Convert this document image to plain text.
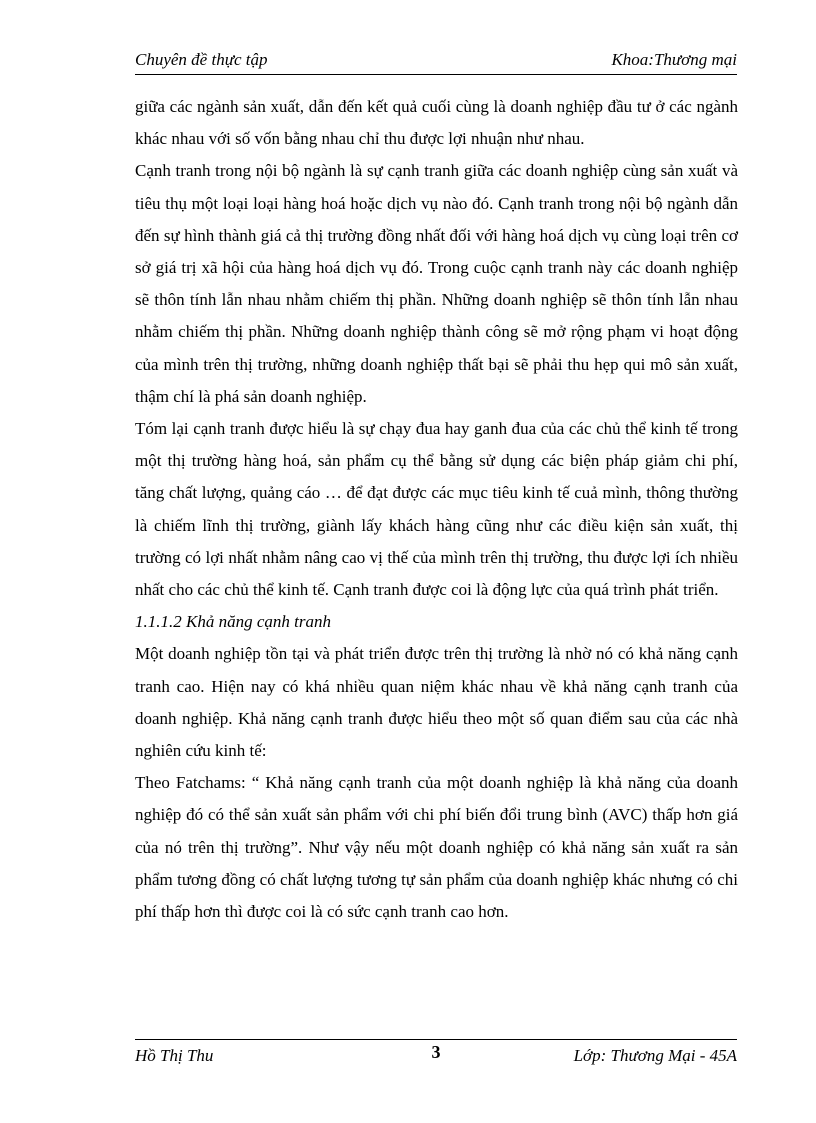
Chuyên đề thực tập	Khoa:Thương mại

giữa các ngành sản xuất, dẫn đến kết quả cuối cùng là doanh nghiệp đầu tư ở các ngành khác nhau với số vốn bằng nhau chỉ thu được lợi nhuận như nhau.

Cạnh tranh trong nội bộ ngành là sự cạnh tranh giữa các doanh nghiệp cùng sản xuất và tiêu thụ một loại loại hàng hoá hoặc dịch vụ nào đó. Cạnh tranh trong nội bộ ngành dẫn đến sự hình thành giá cả thị trường đồng nhất đối với hàng hoá dịch vụ cùng loại trên cơ sở giá trị xã hội của hàng hoá dịch vụ đó. Trong cuộc cạnh tranh này các doanh nghiệp sẽ thôn tính lẫn nhau nhằm chiếm thị phần. Những doanh nghiệp sẽ thôn tính lẫn nhau nhằm chiếm thị phần. Những doanh nghiệp thành công sẽ mở rộng phạm vi hoạt động của mình trên thị trường, những doanh nghiệp thất bại sẽ phải thu hẹp qui mô sản xuất, thậm chí là phá sản doanh nghiệp.

Tóm lại cạnh tranh được hiểu là sự chạy đua hay ganh đua của các chủ thể kinh tế trong một thị trường hàng hoá, sản phẩm cụ thể bằng sử dụng các biện pháp giảm chi phí, tăng chất lượng, quảng cáo … để đạt được các mục tiêu kinh tế cuả mình, thông thường là chiếm lĩnh thị trường, giành lấy khách hàng cũng như các điều kiện sản xuất, thị trường có lợi nhất nhằm nâng cao vị thế của mình trên thị trường, thu được lợi ích nhiều nhất cho các chủ thể kinh tế. Cạnh tranh được coi là động lực của quá trình phát triển.

1.1.1.2 Khả năng cạnh tranh

Một doanh nghiệp tồn tại và phát triển được trên thị trường là nhờ nó có khả năng cạnh tranh cao. Hiện nay có khá nhiều quan niệm khác nhau về khả năng cạnh tranh của doanh nghiệp. Khả năng cạnh tranh được hiểu theo một số quan điểm sau của các nhà nghiên cứu kinh tế:

Theo Fatchams: “ Khả năng cạnh tranh của một doanh nghiệp là khả năng của doanh nghiệp đó có thể sản xuất sản phẩm với chi phí biến đổi trung bình (AVC) thấp hơn giá của nó trên thị trường”. Như vậy nếu một doanh nghiệp có khả năng sản xuất ra sản phẩm tương đồng có chất lượng tương tự sản phẩm của doanh nghiệp khác nhưng có chi phí thấp hơn thì được coi là có sức cạnh tranh cao hơn.

Hồ Thị Thu	3	Lớp: Thương Mại - 45A
